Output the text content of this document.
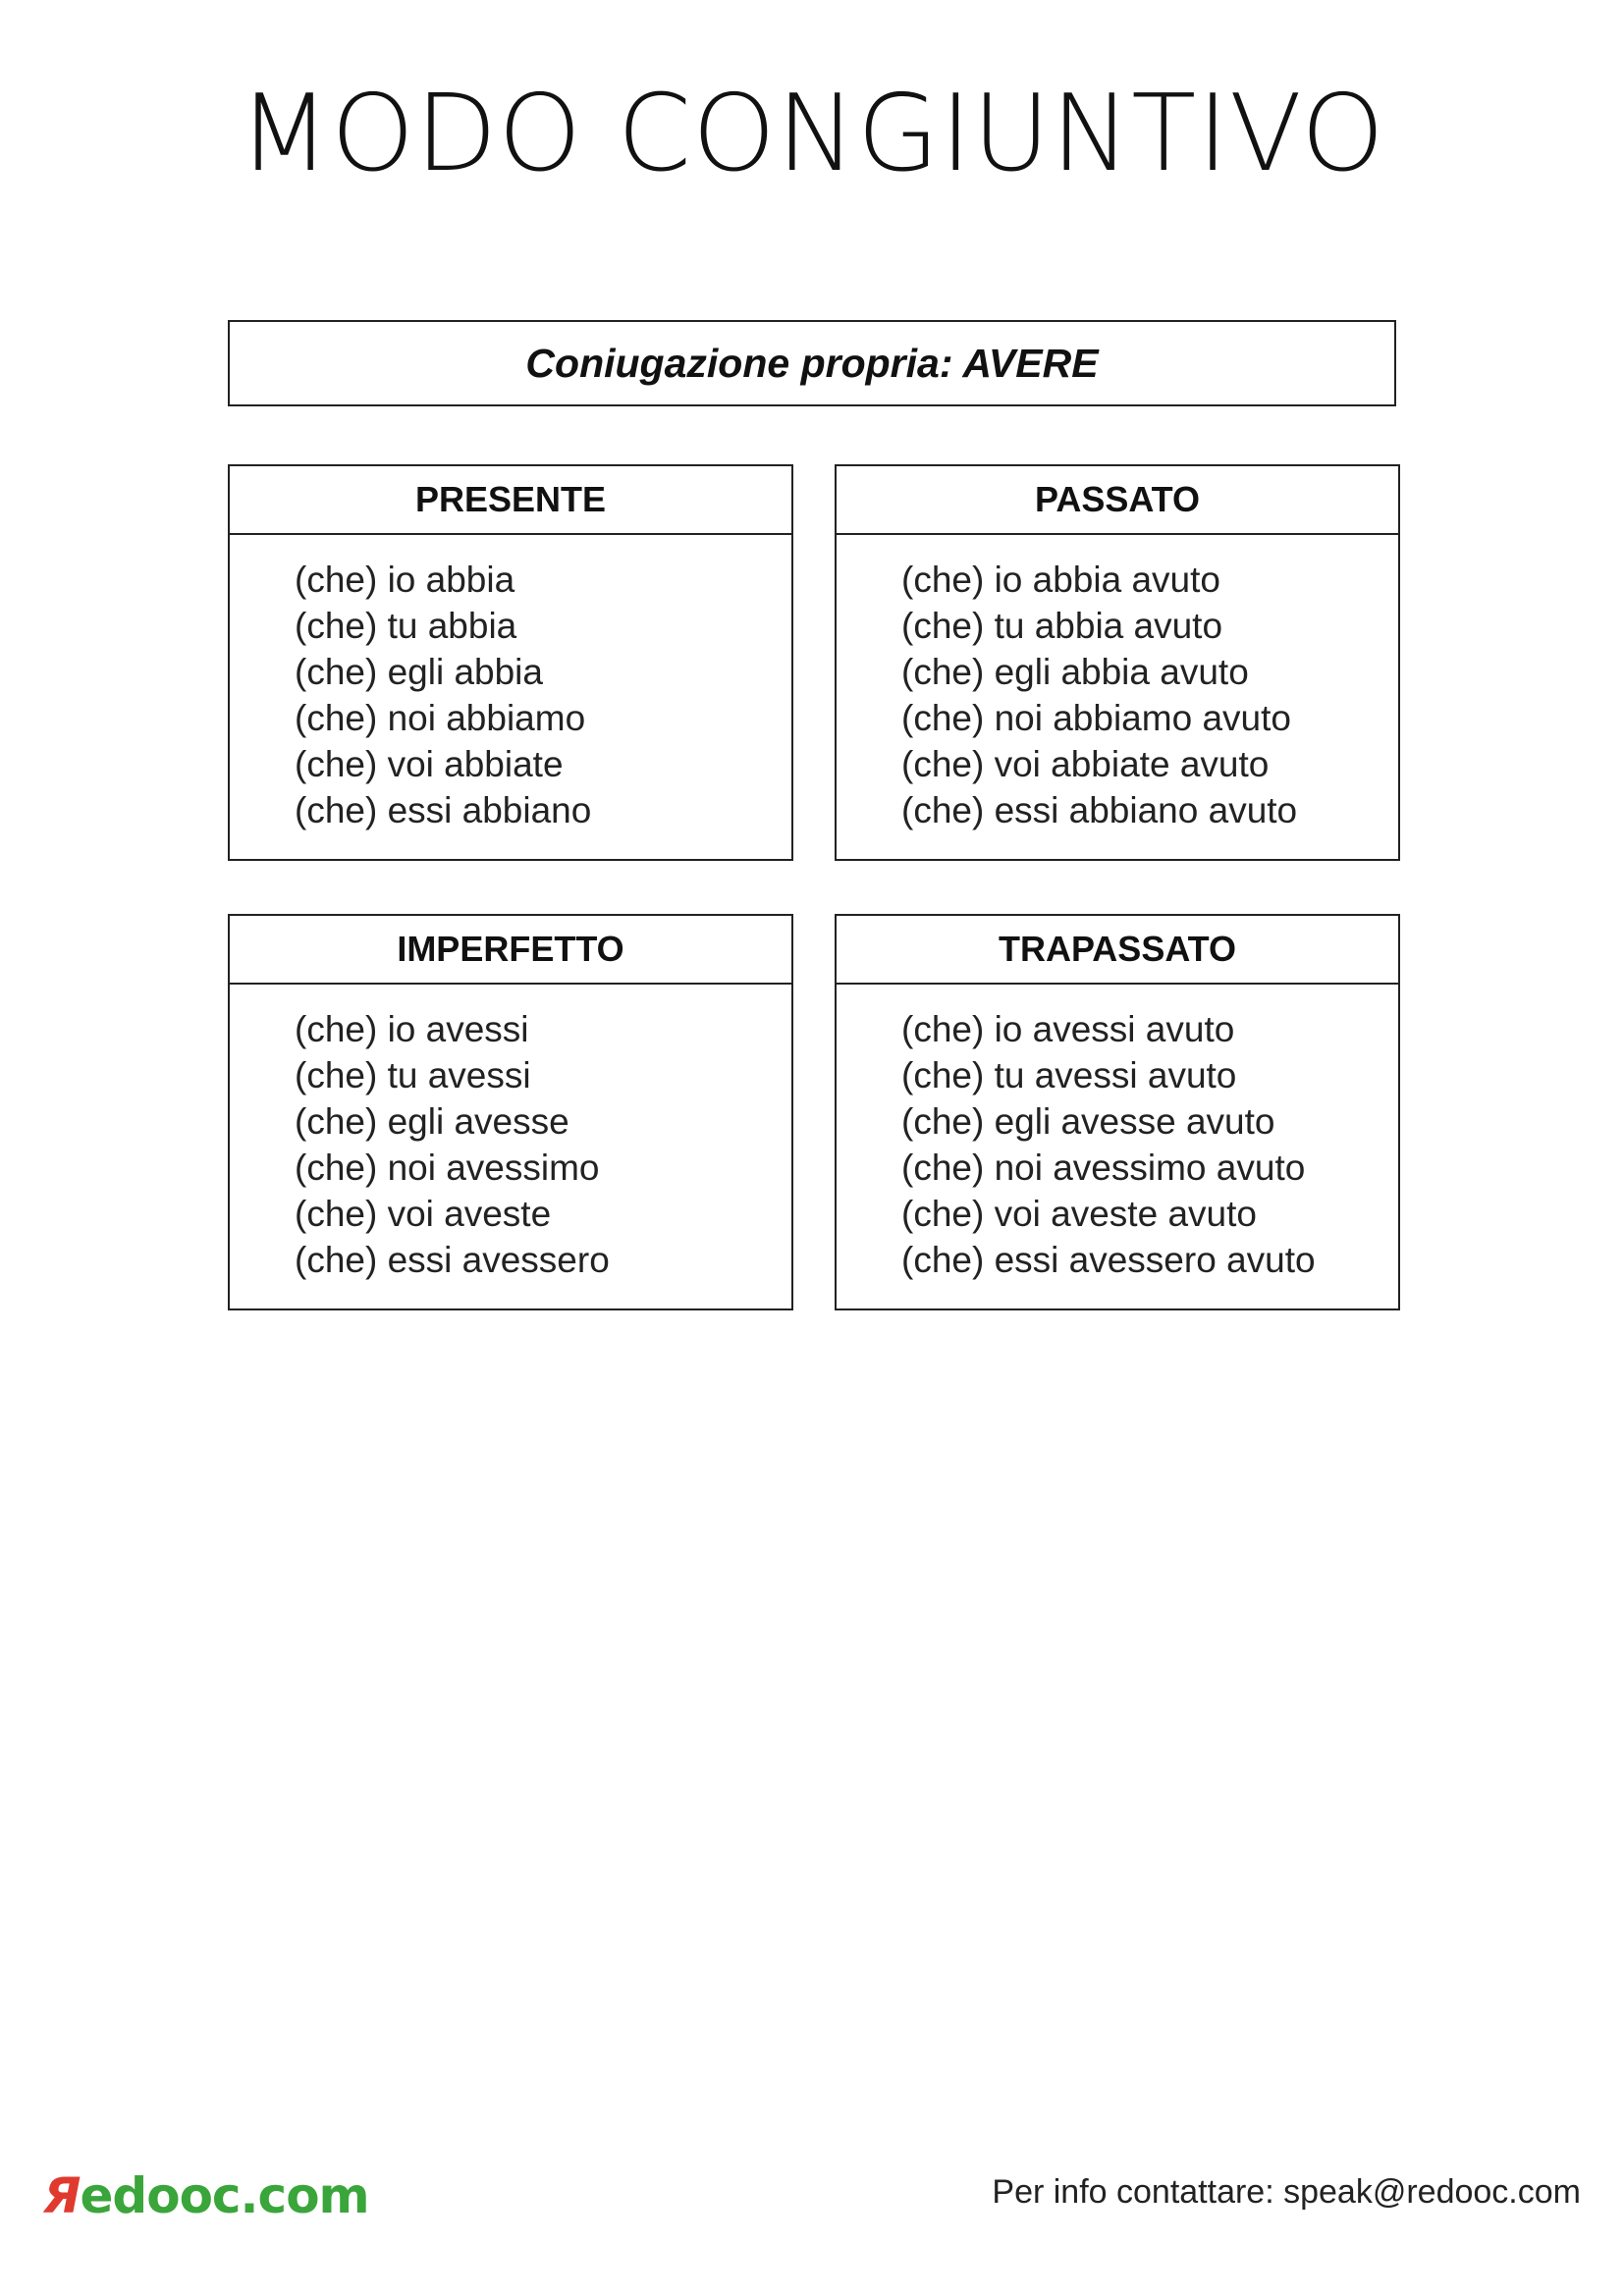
MODO CONGIUNTIVO
Coniugazione propria: AVERE
PRESENTE
(che) io abbia
(che) tu abbia
(che) egli abbia
(che) noi abbiamo
(che) voi abbiate
(che) essi abbiano
PASSATO
(che) io abbia avuto
(che) tu abbia avuto
(che) egli abbia avuto
(che) noi abbiamo avuto
(che) voi abbiate avuto
(che) essi abbiano avuto
IMPERFETTO
(che) io avessi
(che) tu avessi
(che) egli avesse
(che) noi avessimo
(che) voi aveste
(che) essi avessero
TRAPASSATO
(che) io avessi avuto
(che) tu avessi avuto
(che) egli avesse avuto
(che) noi avessimo avuto
(che) voi aveste avuto
(che) essi avessero avuto
Яedooc.com	Per info contattare: speak@redooc.com
